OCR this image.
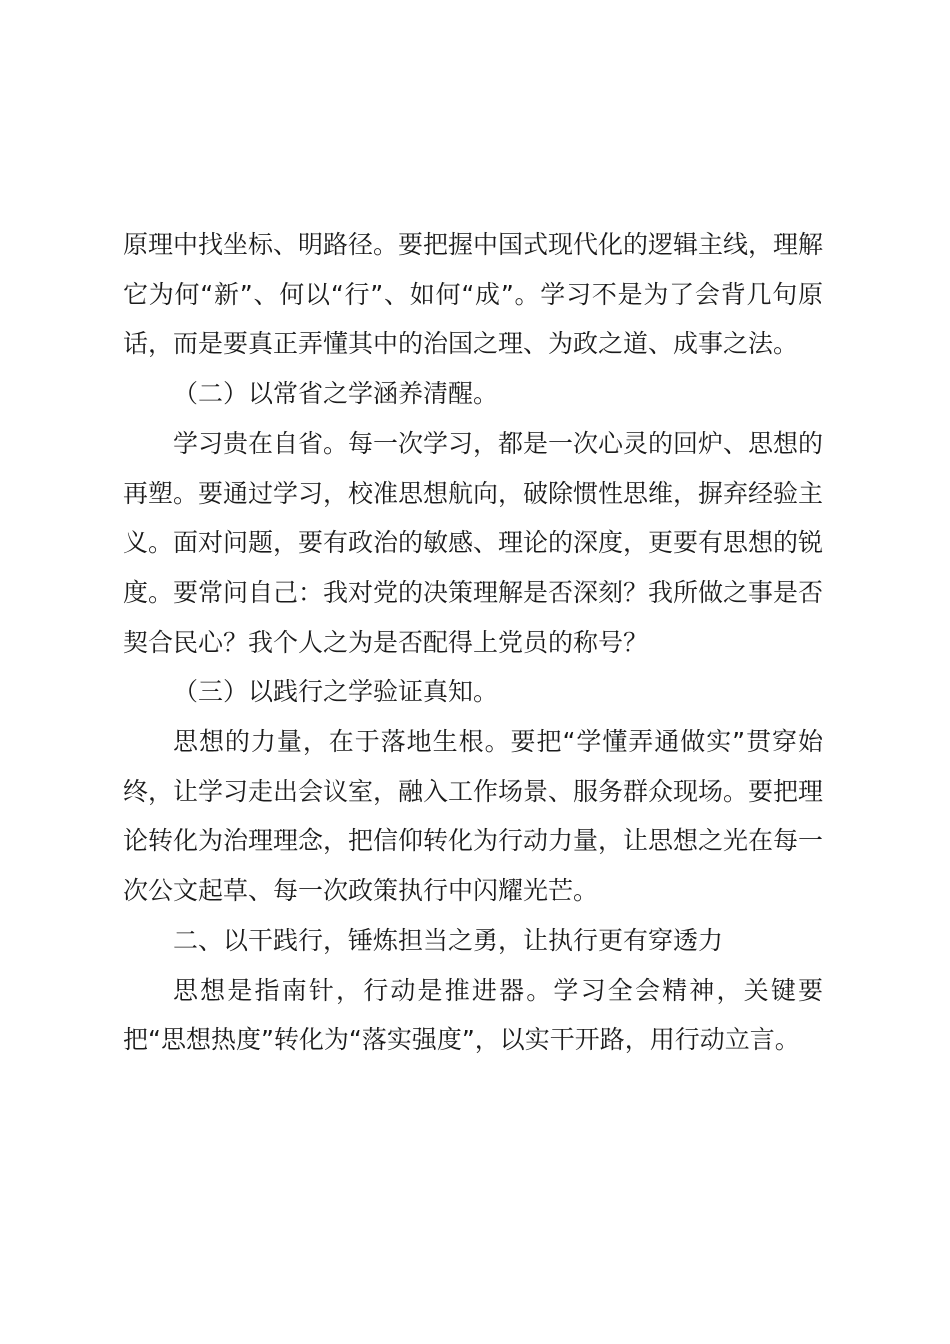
原理中找坐标、明路径。要把握中国式现代化的逻辑主线，理解它为何“新”、何以“行”、如何“成”。学习不是为了会背几句原话，而是要真正弄懂其中的治国之理、为政之道、成事之法。

（二）以常省之学涵养清醒。

学习贵在自省。每一次学习，都是一次心灵的回炉、思想的再塑。要通过学习，校准思想航向，破除惯性思维，摒弃经验主义。面对问题，要有政治的敏感、理论的深度，更要有思想的锐度。要常问自己：我对党的决策理解是否深刻？我所做之事是否契合民心？我个人之为是否配得上党员的称号？

（三）以践行之学验证真知。

思想的力量，在于落地生根。要把“学懂弄通做实”贯穿始终，让学习走出会议室，融入工作场景、服务群众现场。要把理论转化为治理理念，把信仰转化为行动力量，让思想之光在每一次公文起草、每一次政策执行中闪耀光芒。

二、以干践行，锤炼担当之勇，让执行更有穿透力

思想是指南针，行动是推进器。学习全会精神，关键要把“思想热度”转化为“落实强度”，以实干开路，用行动立言。
